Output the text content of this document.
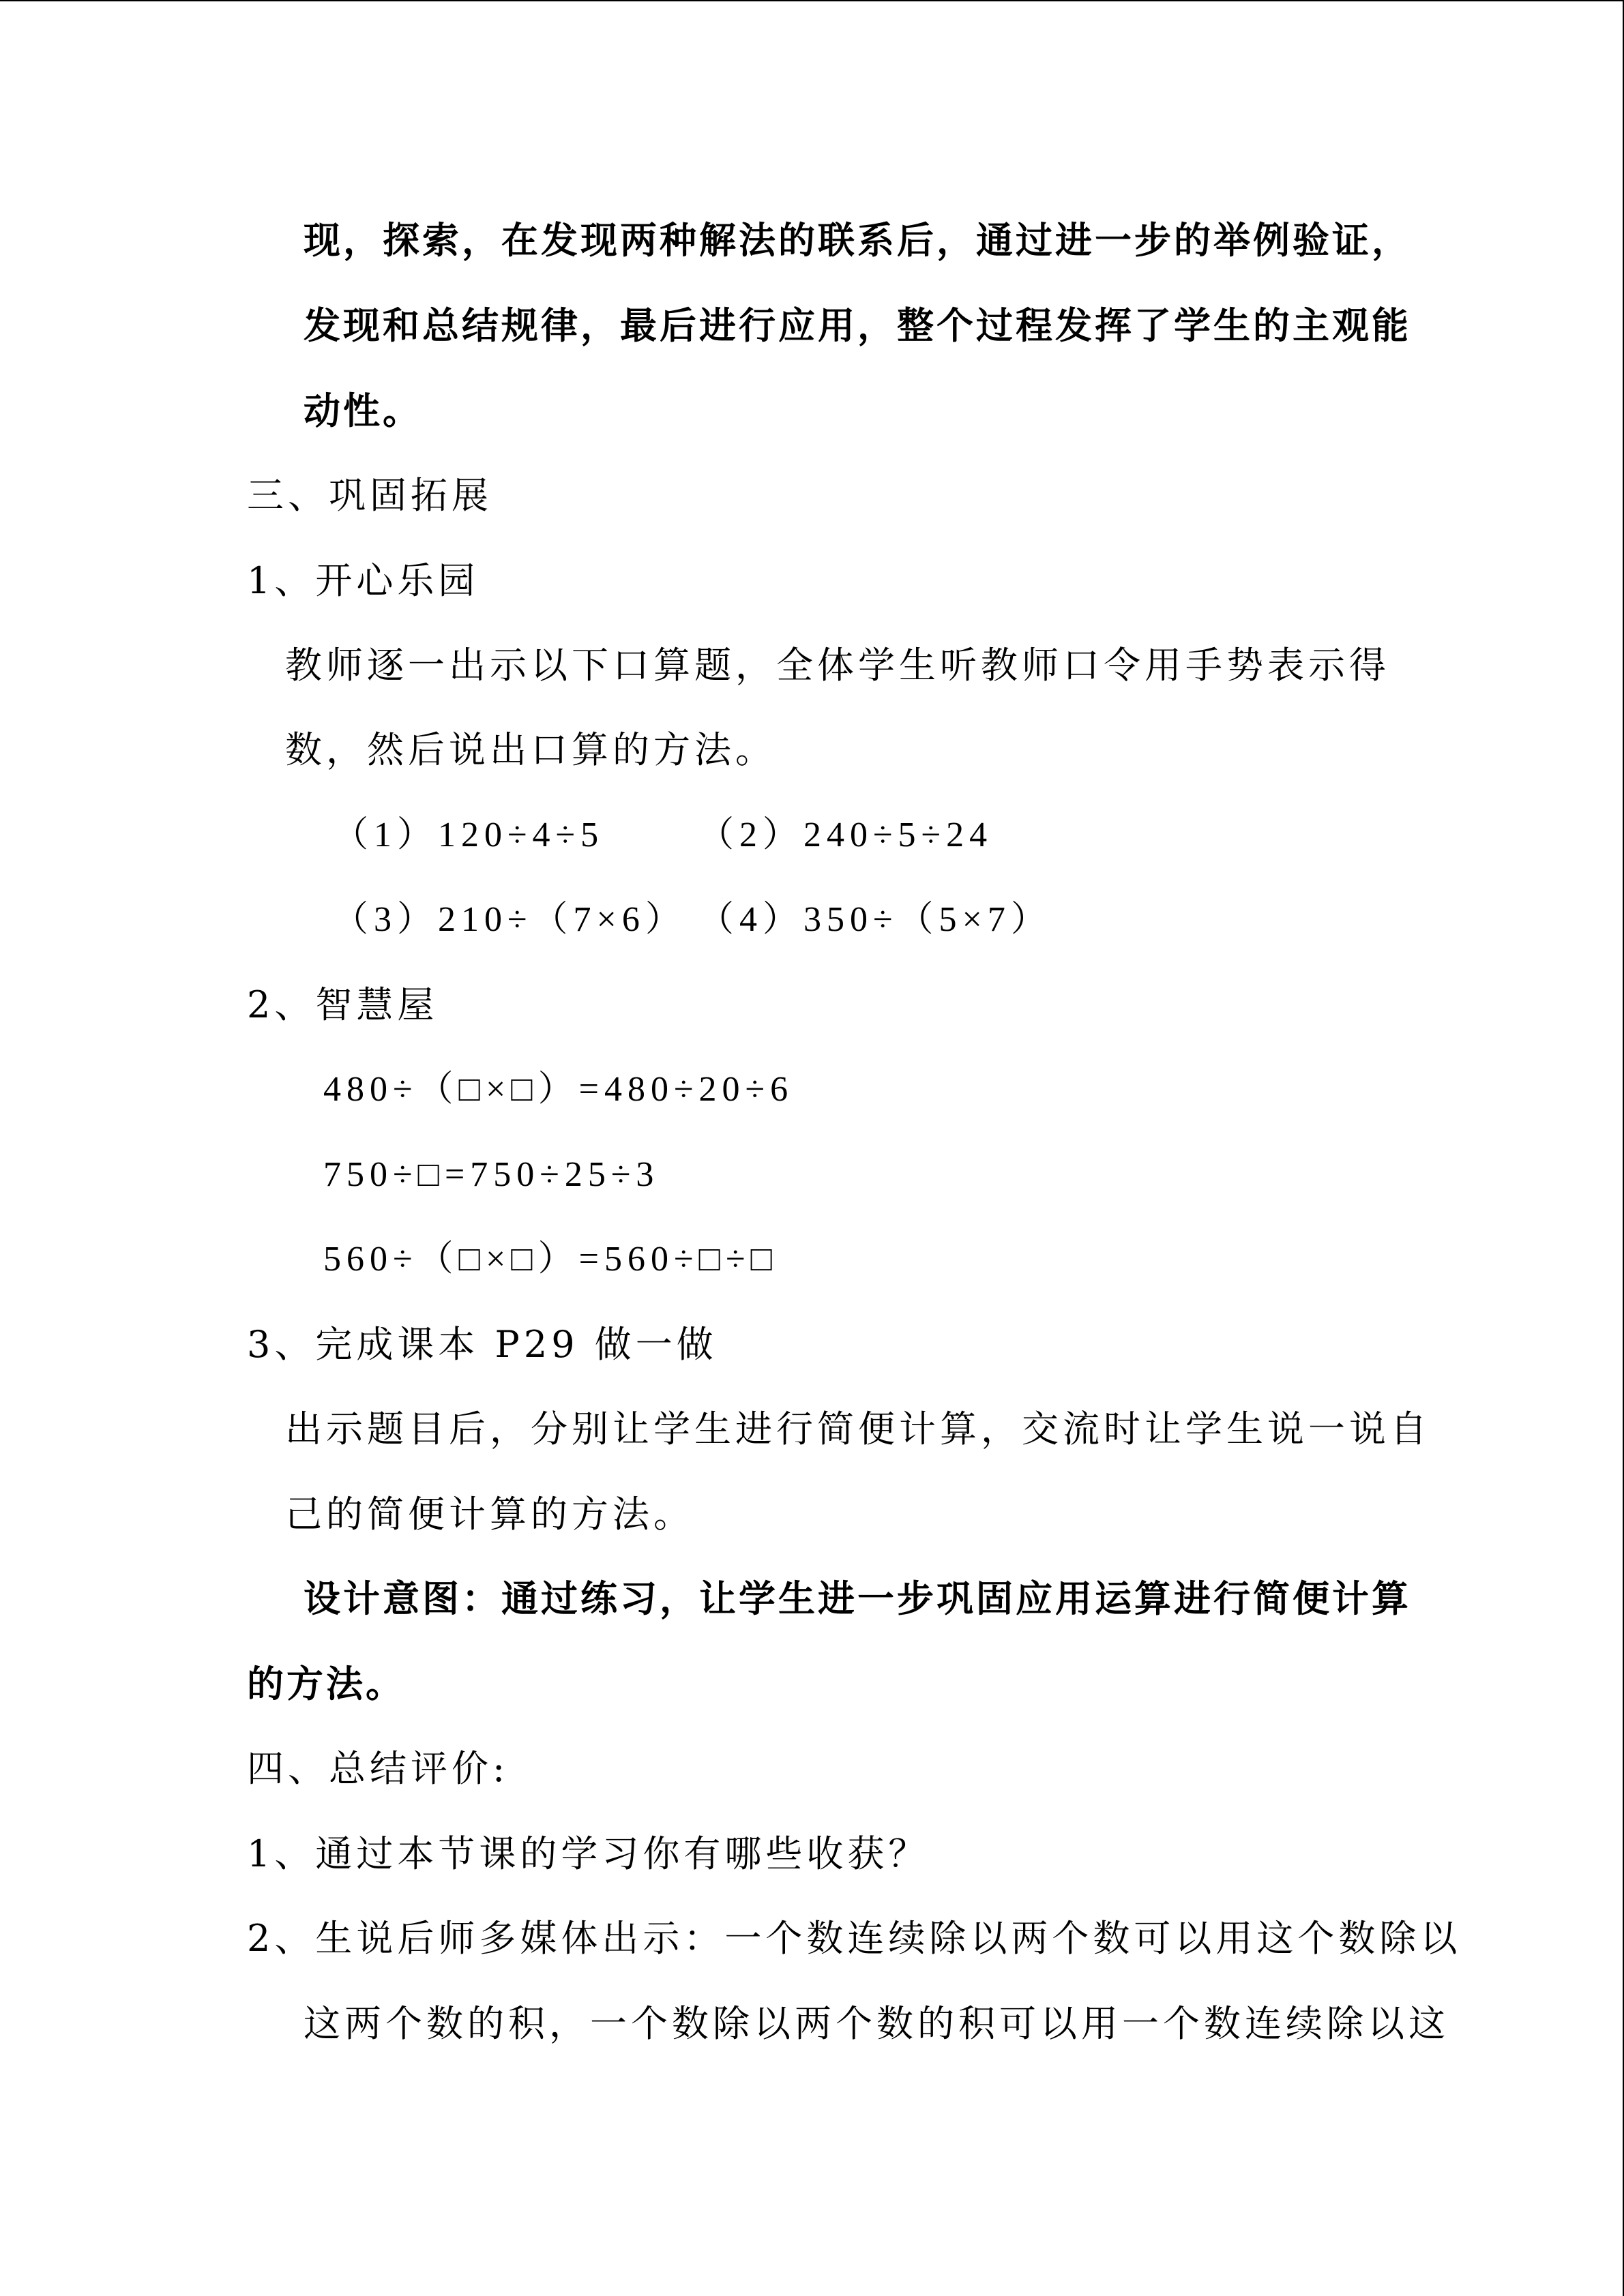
现，探索，在发现两种解法的联系后，通过进一步的举例验证，
发现和总结规律，最后进行应用，整个过程发挥了学生的主观能
动性。
三、巩固拓展
1、开心乐园
教师逐一出示以下口算题，全体学生听教师口令用手势表示得
数，然后说出口算的方法。
（1）120÷4÷5	（2）240÷5÷24
（3）210÷（7×6） （4）350÷（5×7）
2、智慧屋
480÷（□×□）=480÷20÷6
750÷□=750÷25÷3
560÷（□×□）=560÷□÷□
3、完成课本 P29 做一做
出示题目后，分别让学生进行简便计算，交流时让学生说一说自
己的简便计算的方法。
设计意图：通过练习，让学生进一步巩固应用运算进行简便计算
的方法。
四、总结评价:
1、通过本节课的学习你有哪些收获？
2、生说后师多媒体出示：一个数连续除以两个数可以用这个数除以
这两个数的积，一个数除以两个数的积可以用一个数连续除以这
